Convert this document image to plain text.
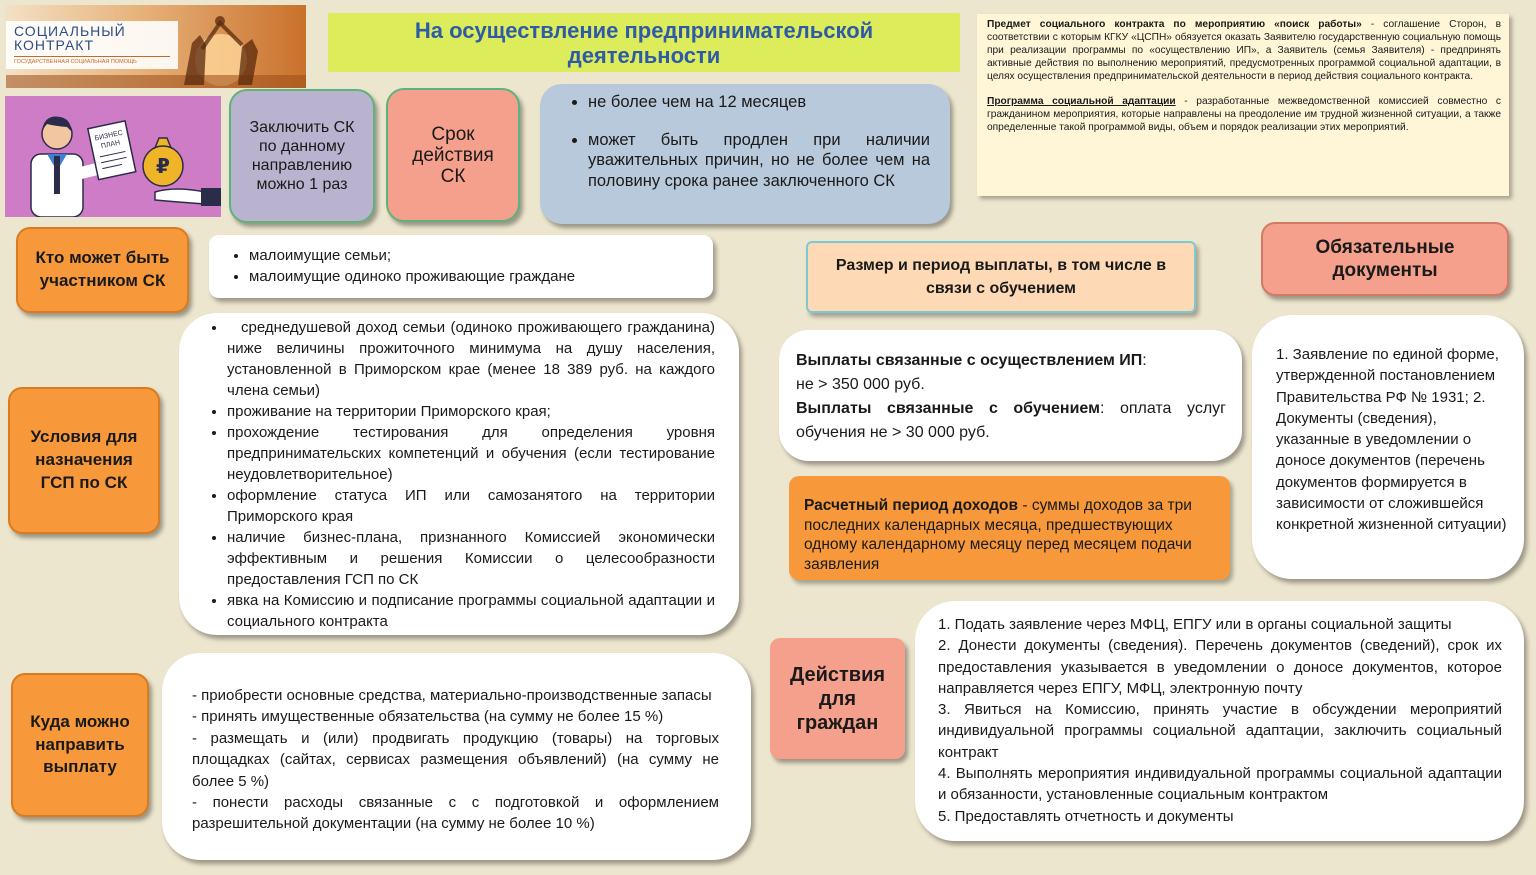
СОЦИАЛЬНЫЙ
КОНТРАКТ
ГОСУДАРСТВЕННАЯ СОЦИАЛЬНАЯ ПОМОЩЬ
БИЗНЕС
ПЛАН
₽
На осуществление предпринимательской деятельности

Предмет социального контракта по мероприятию «поиск работы» - соглашение Сторон, в соответствии с которым КГКУ «ЦСПН» обязуется оказать Заявителю государственную социальную помощь при реализации программы по «осуществлению ИП», а Заявитель (семья Заявителя) - предпринять активные действия по выполнению мероприятий, предусмотренных программой социальной адаптации, в целях осуществления предпринимательской деятельности в период действия социального контракта.

Программа социальной адаптации - разработанные межведомственной комиссией совместно с гражданином мероприятия, которые направлены на преодоление им трудной жизненной ситуации, а также определенные такой программой виды, объем и порядок реализации этих мероприятий.

Заключить СК по данному направлению можно 1 раз
Срок действия СК
• не более чем на 12 месяцев
• может быть продлен при наличии уважительных причин, но не более чем на половину срока ранее заключенного СК
Кто может быть участником СК
• малоимущие семьи;
• малоимущие одиноко проживающие граждане
Условия для назначения ГСП по СК
• среднедушевой доход семьи (одиноко проживающего гражданина) ниже величины прожиточного минимума на душу населения, установленной в Приморском крае (менее 18 389 руб. на каждого члена семьи)
• проживание на территории Приморского края;
• прохождение тестирования для определения уровня предпринимательских компетенций и обучения (если тестирование неудовлетворительное)
• оформление статуса ИП или самозанятого на территории Приморского края
• наличие бизнес-плана, признанного Комиссией экономически эффективным и решения Комиссии о целесообразности предоставления ГСП по СК
• явка на Комиссию и подписание программы социальной адаптации и социального контракта
Куда можно направить выплату

- приобрести основные средства, материально-производственные запасы

- принять имущественные обязательства (на сумму не более 15 %)

- размещать и (или) продвигать продукцию (товары) на торговых площадках (сайтах, сервисах размещения объявлений) (на сумму не более 5 %)

- понести расходы связанные с с подготовкой и оформлением разрешительной документации (на сумму не более 10 %)

Размер и период выплаты, в том числе в связи с обучением

Выплаты связанные с осуществлением ИП:

не > 350 000 руб.

Выплаты связанные с обучением: оплата услуг обучения не > 30 000 руб.

Расчетный период доходов - суммы доходов за три последних календарных месяца, предшествующих одному календарному месяцу перед месяцем подачи заявления
Обязательные документы

1. Заявление по единой форме, утвержденной постановлением Правительства РФ № 1931; 2. Документы (сведения), указанные в уведомлении о доносе документов (перечень документов формируется в зависимости от сложившейся конкретной жизненной ситуации)

Действия для граждан

1. Подать заявление через МФЦ, ЕПГУ или в органы социальной защиты

2. Донести документы (сведения). Перечень документов (сведений), срок их предоставления указывается в уведомлении о доносе документов, которое направляется через ЕПГУ, МФЦ, электронную почту

3. Явиться на Комиссию, принять участие в обсуждении мероприятий индивидуальной программы социальной адаптации, заключить социальный контракт

4. Выполнять мероприятия индивидуальной программы социальной адаптации и обязанности, установленные социальным контрактом

5. Предоставлять отчетность и документы
